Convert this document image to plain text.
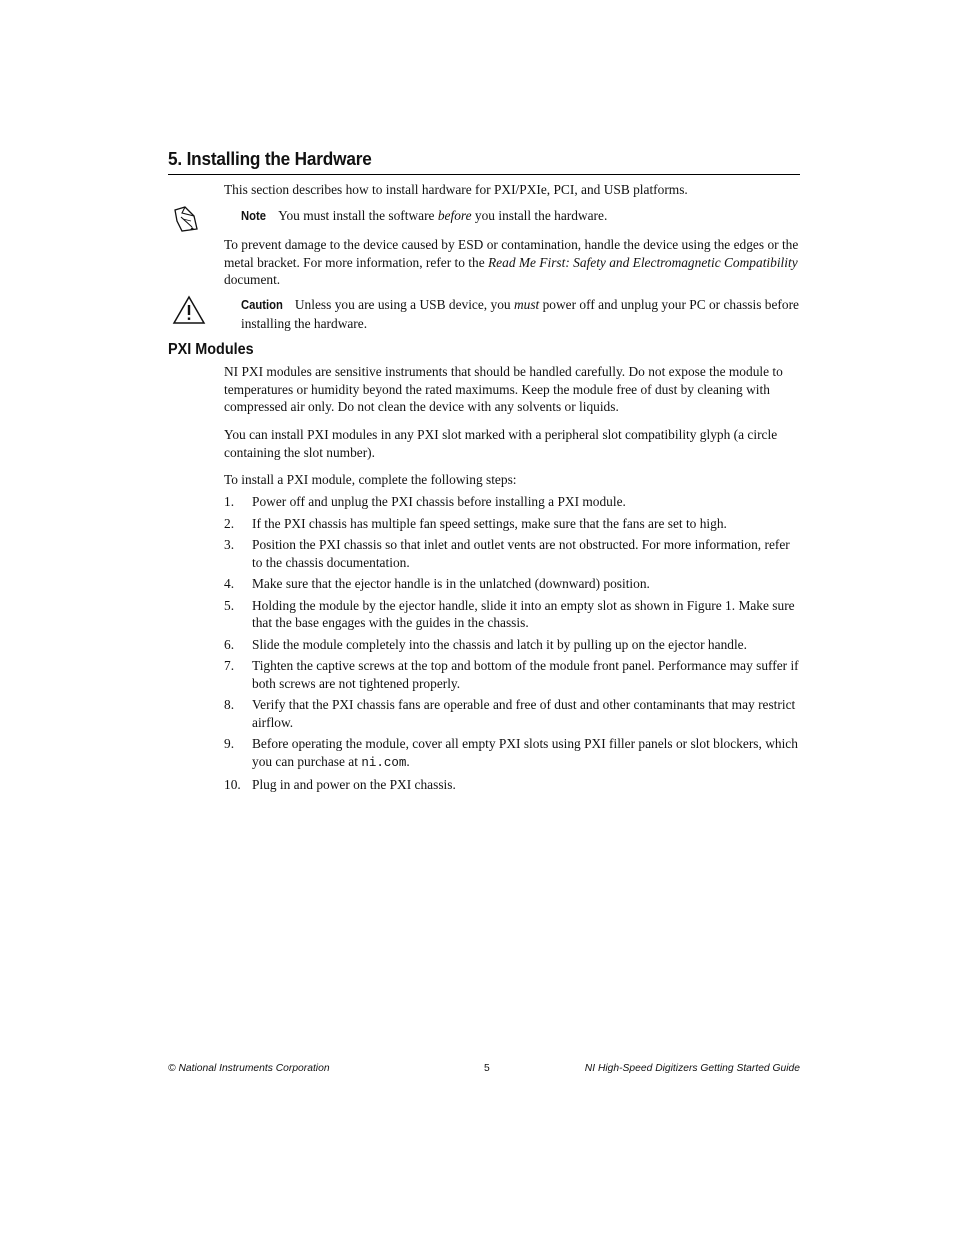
5. Installing the Hardware
This section describes how to install hardware for PXI/PXIe, PCI, and USB platforms.
Note You must install the software before you install the hardware.
To prevent damage to the device caused by ESD or contamination, handle the device using the edges or the metal bracket. For more information, refer to the Read Me First: Safety and Electromagnetic Compatibility document.
Caution Unless you are using a USB device, you must power off and unplug your PC or chassis before installing the hardware.
PXI Modules
NI PXI modules are sensitive instruments that should be handled carefully. Do not expose the module to temperatures or humidity beyond the rated maximums. Keep the module free of dust by cleaning with compressed air only. Do not clean the device with any solvents or liquids.
You can install PXI modules in any PXI slot marked with a peripheral slot compatibility glyph (a circle containing the slot number).
To install a PXI module, complete the following steps:
1. Power off and unplug the PXI chassis before installing a PXI module.
2. If the PXI chassis has multiple fan speed settings, make sure that the fans are set to high.
3. Position the PXI chassis so that inlet and outlet vents are not obstructed. For more information, refer to the chassis documentation.
4. Make sure that the ejector handle is in the unlatched (downward) position.
5. Holding the module by the ejector handle, slide it into an empty slot as shown in Figure 1. Make sure that the base engages with the guides in the chassis.
6. Slide the module completely into the chassis and latch it by pulling up on the ejector handle.
7. Tighten the captive screws at the top and bottom of the module front panel. Performance may suffer if both screws are not tightened properly.
8. Verify that the PXI chassis fans are operable and free of dust and other contaminants that may restrict airflow.
9. Before operating the module, cover all empty PXI slots using PXI filler panels or slot blockers, which you can purchase at ni.com.
10. Plug in and power on the PXI chassis.
© National Instruments Corporation	5	NI High-Speed Digitizers Getting Started Guide
